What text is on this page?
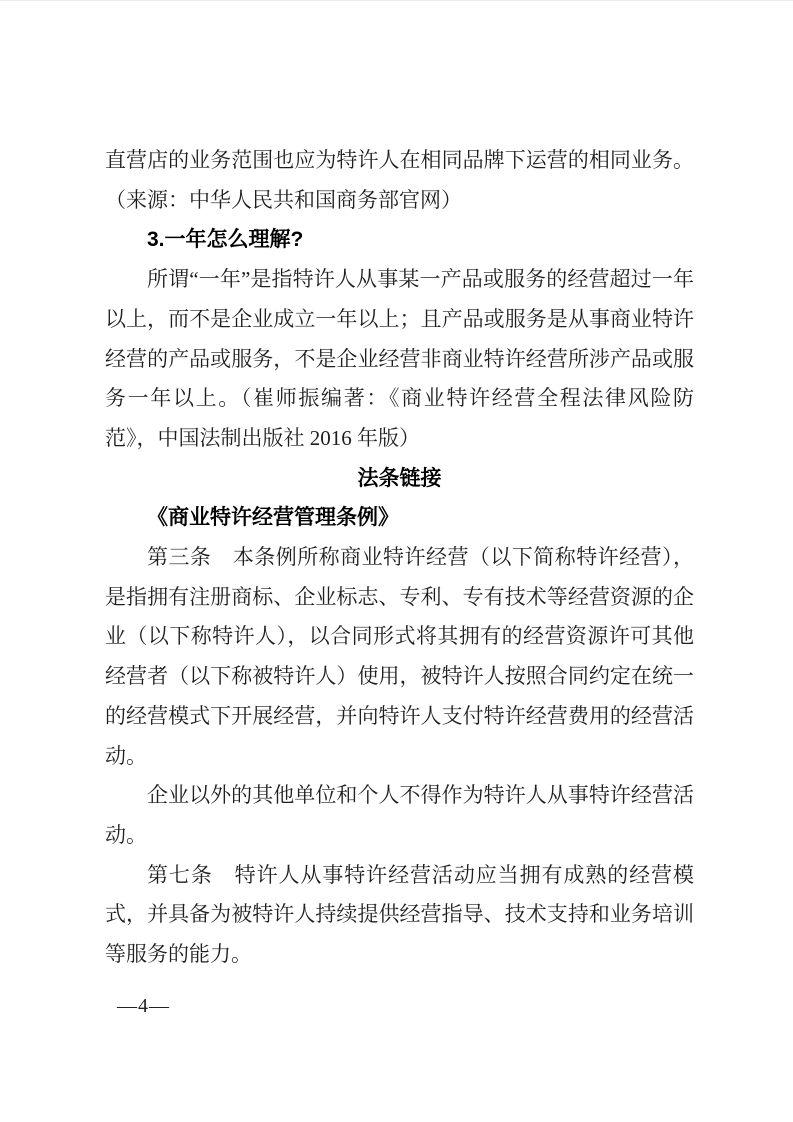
直营店的业务范围也应为特许人在相同品牌下运营的相同业务。（来源：中华人民共和国商务部官网）

3.一年怎么理解?

所谓“一年”是指特许人从事某一产品或服务的经营超过一年以上，而不是企业成立一年以上；且产品或服务是从事商业特许经营的产品或服务，不是企业经营非商业特许经营所涉产品或服务一年以上。（崔师振编著：《商业特许经营全程法律风险防范》，中国法制出版社 2016 年版）

法条链接

《商业特许经营管理条例》

第三条　本条例所称商业特许经营（以下简称特许经营），是指拥有注册商标、企业标志、专利、专有技术等经营资源的企业（以下称特许人），以合同形式将其拥有的经营资源许可其他经营者（以下称被特许人）使用，被特许人按照合同约定在统一的经营模式下开展经营，并向特许人支付特许经营费用的经营活动。

企业以外的其他单位和个人不得作为特许人从事特许经营活动。

第七条　特许人从事特许经营活动应当拥有成熟的经营模式，并具备为被特许人持续提供经营指导、技术支持和业务培训等服务的能力。

—4—
